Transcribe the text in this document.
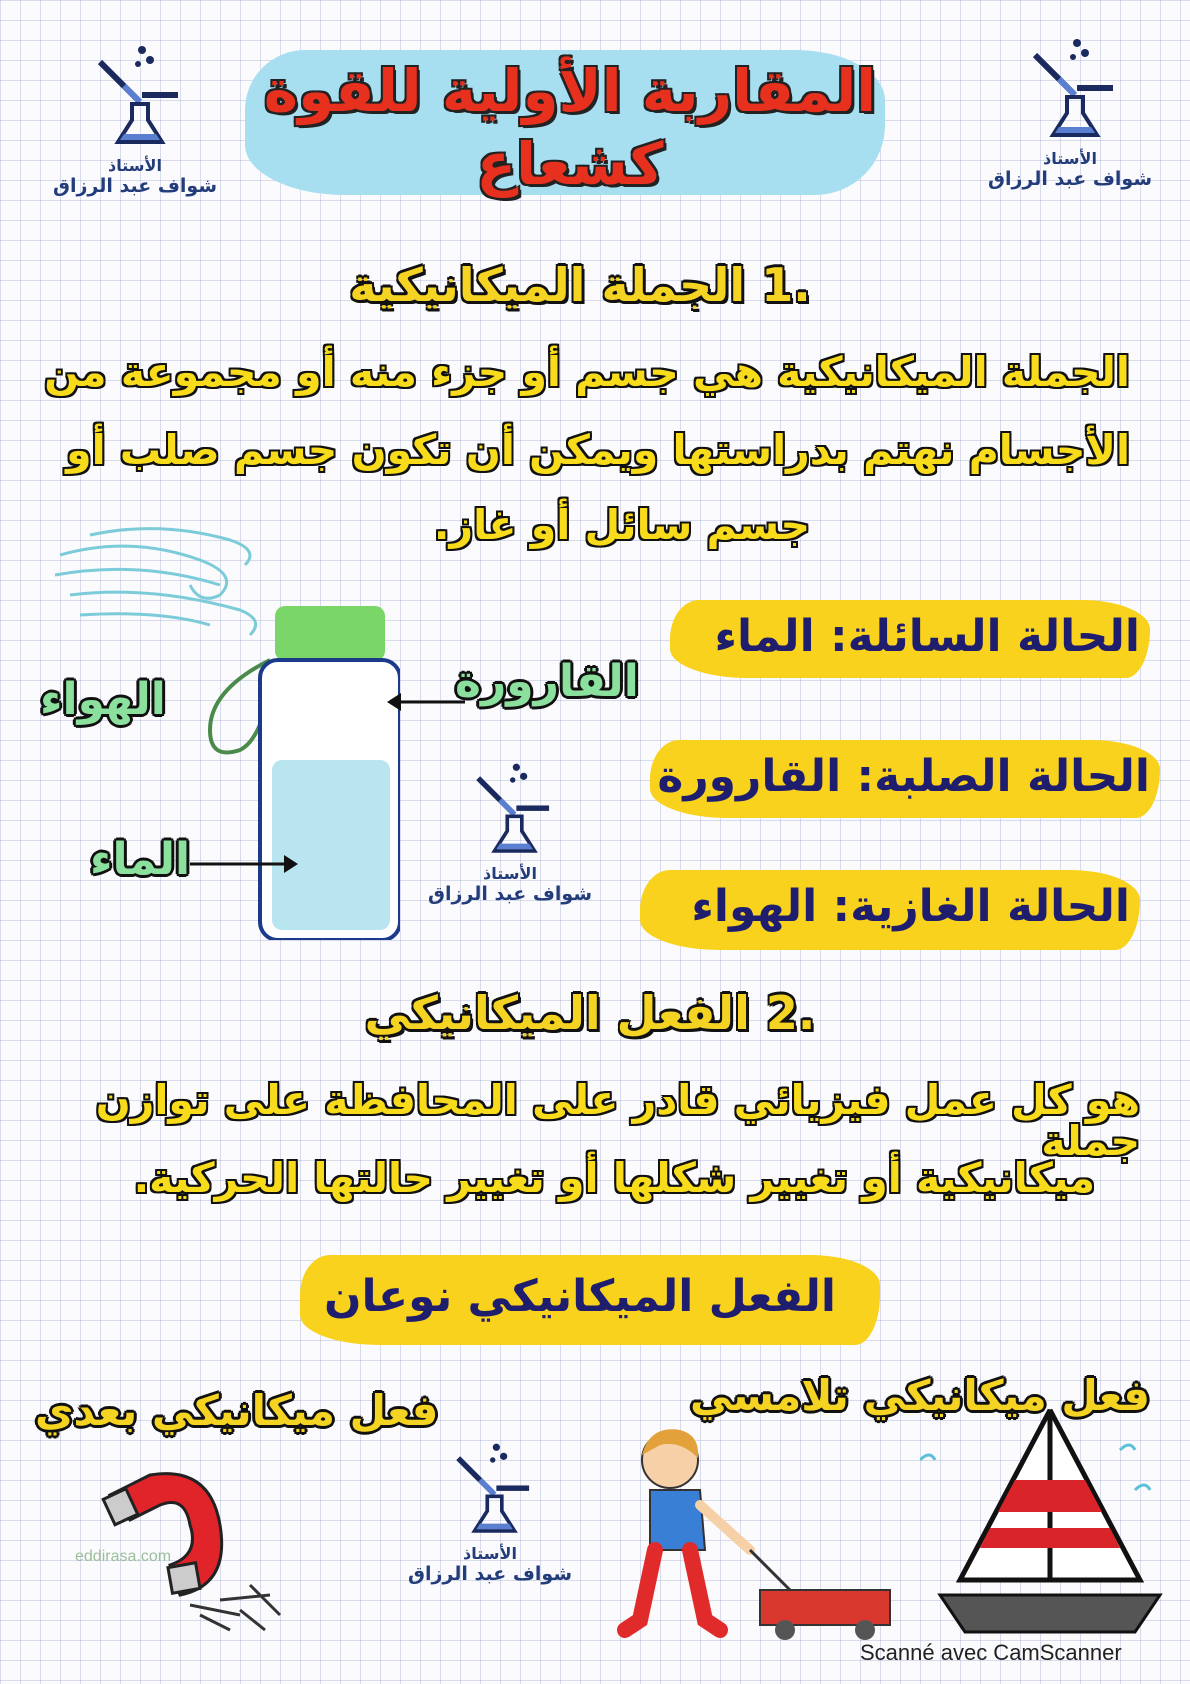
المقاربة الأولية للقوة
كشعاع
الأستاذ
شواف عبد الرزاق
الأستاذ
شواف عبد الرزاق
الأستاذ
شواف عبد الرزاق
الأستاذ
شواف عبد الرزاق
.1 الجملة الميكانيكية
الجملة الميكانيكية هي جسم أو جزء منه أو مجموعة من
الأجسام نهتم بدراستها ويمكن أن تكون جسم صلب أو
جسم سائل أو غاز.
الهواء	القارورة
الماء
الحالة السائلة: الماء
الحالة الصلبة: القارورة
الحالة الغازية: الهواء
.2 الفعل الميكانيكي
هو كل عمل فيزيائي قادر على المحافظة على توازن جملة
ميكانيكية أو تغيير شكلها أو تغيير حالتها الحركية.
الفعل الميكانيكي نوعان
فعل ميكانيكي تلامسي
فعل ميكانيكي بعدي
eddirasa.com
Scanné avec CamScanner
